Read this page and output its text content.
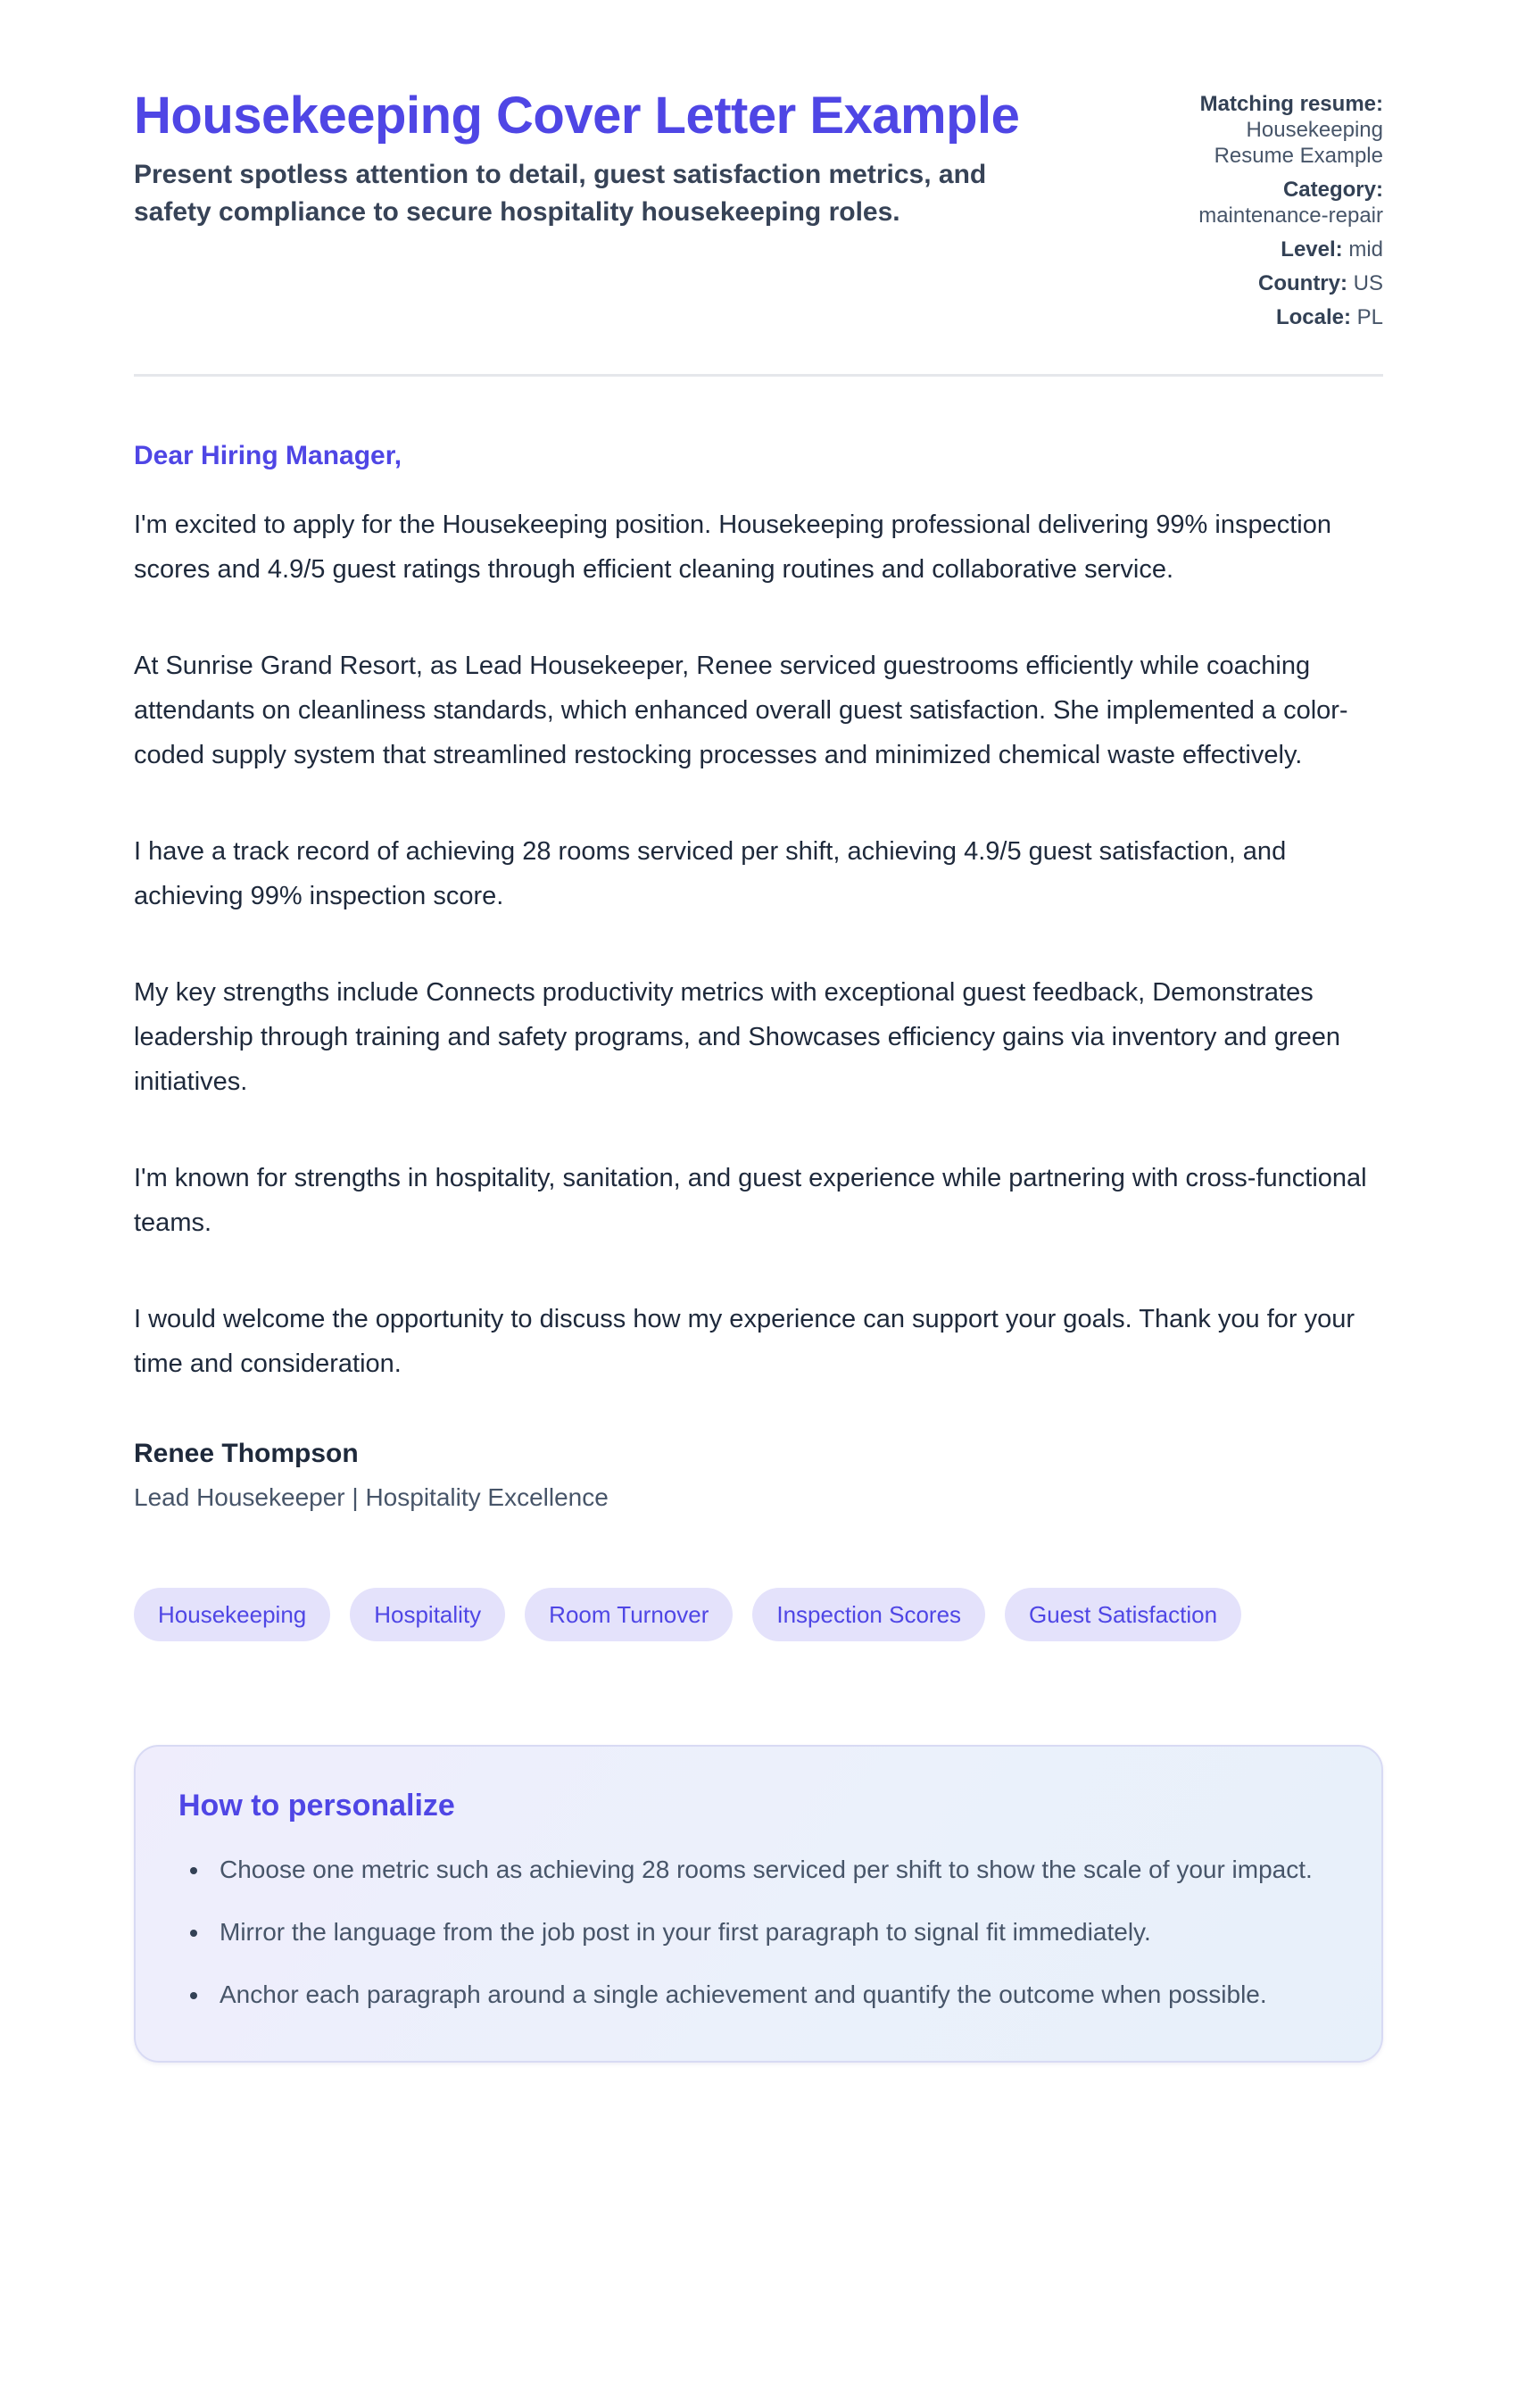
Housekeeping Cover Letter Example

Present spotless attention to detail, guest satisfaction metrics, and safety compliance to secure hospitality housekeeping roles.

Matching resume: Housekeeping Resume Example
Category: maintenance-repair
Level: mid
Country: US
Locale: PL
Dear Hiring Manager,

I'm excited to apply for the Housekeeping position. Housekeeping professional delivering 99% inspection scores and 4.9/5 guest ratings through efficient cleaning routines and collaborative service.

At Sunrise Grand Resort, as Lead Housekeeper, Renee serviced guestrooms efficiently while coaching attendants on cleanliness standards, which enhanced overall guest satisfaction. She implemented a color-coded supply system that streamlined restocking processes and minimized chemical waste effectively.

I have a track record of achieving 28 rooms serviced per shift, achieving 4.9/5 guest satisfaction, and achieving 99% inspection score.

My key strengths include Connects productivity metrics with exceptional guest feedback, Demonstrates leadership through training and safety programs, and Showcases efficiency gains via inventory and green initiatives.

I'm known for strengths in hospitality, sanitation, and guest experience while partnering with cross-functional teams.

I would welcome the opportunity to discuss how my experience can support your goals. Thank you for your time and consideration.

Renee Thompson
Lead Housekeeper | Hospitality Excellence
Housekeeping	Hospitality	Room Turnover	Inspection Scores	Guest Satisfaction
How to personalize
• Choose one metric such as achieving 28 rooms serviced per shift to show the scale of your impact.
• Mirror the language from the job post in your first paragraph to signal fit immediately.
• Anchor each paragraph around a single achievement and quantify the outcome when possible.
